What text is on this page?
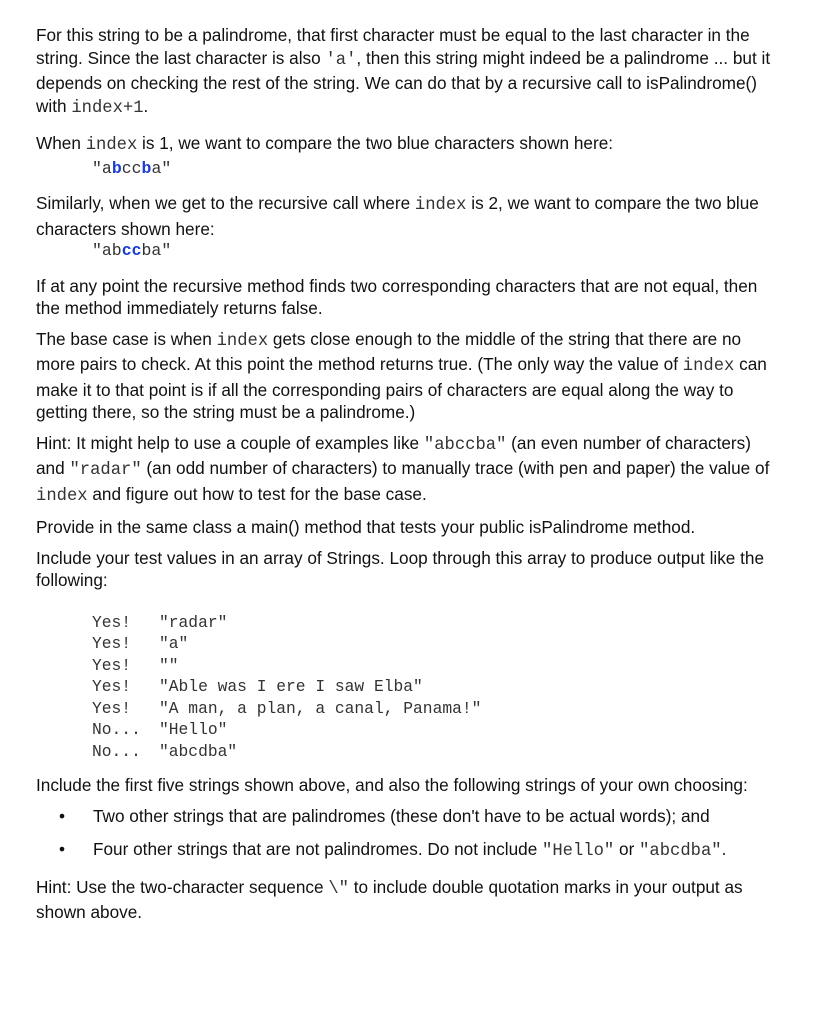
For this string to be a palindrome, that first character must be equal to the last character in the string. Since the last character is also 'a', then this string might indeed be a palindrome ... but it depends on checking the rest of the string. We can do that by a recursive call to isPalindrome() with index+1.

When index is 1, we want to compare the two blue characters shown here:

"abccba"

Similarly, when we get to the recursive call where index is 2, we want to compare the two blue characters shown here:

"abccba"

If at any point the recursive method finds two corresponding characters that are not equal, then the method immediately returns false.

The base case is when index gets close enough to the middle of the string that there are no more pairs to check. At this point the method returns true. (The only way the value of index can make it to that point is if all the corresponding pairs of characters are equal along the way to getting there, so the string must be a palindrome.)

Hint: It might help to use a couple of examples like "abccba" (an even number of characters) and "radar" (an odd number of characters) to manually trace (with pen and paper) the value of index and figure out how to test for the base case.

Provide in the same class a main() method that tests your public isPalindrome method.

Include your test values in an array of Strings. Loop through this array to produce output like the following:

Yes!	"radar"
Yes!	"a"
Yes!	""
Yes!	"Able was I ere I saw Elba"
Yes!	"A man, a plan, a canal, Panama!"
No...	"Hello"
No...	"abcdba"

Include the first five strings shown above, and also the following strings of your own choosing:

• Two other strings that are palindromes (these don't have to be actual words); and
• Four other strings that are not palindromes. Do not include "Hello" or "abcdba".

Hint: Use the two-character sequence \" to include double quotation marks in your output as shown above.
